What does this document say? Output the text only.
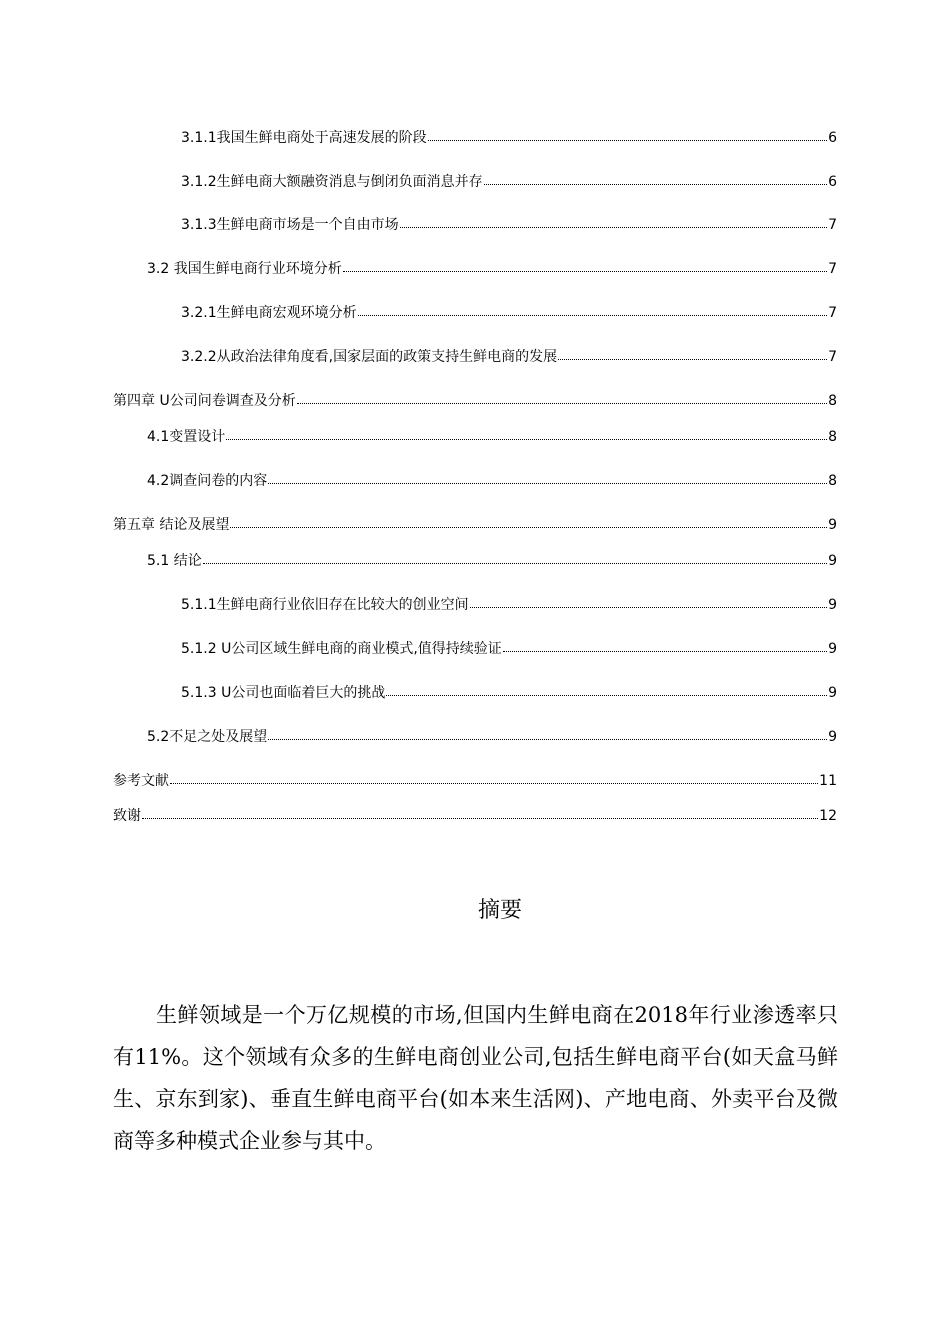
3.1.1我国生鲜电商处于高速发展的阶段	6
3.1.2生鲜电商大额融资消息与倒闭负面消息并存	6
3.1.3生鲜电商市场是一个自由市场	7
3.2 我国生鲜电商行业环境分析	7
3.2.1生鲜电商宏观环境分析	7
3.2.2从政治法律角度看,国家层面的政策支持生鲜电商的发展	7
第四章 U公司问卷调查及分析	8
4.1变置设计	8
4.2调查问卷的内容	8
第五章 结论及展望	9
5.1 结论	9
5.1.1生鲜电商行业依旧存在比较大的创业空间	9
5.1.2 U公司区域生鲜电商的商业模式,值得持续验证	9
5.1.3 U公司也面临着巨大的挑战	9
5.2不足之处及展望	9
参考文献	11
致谢	12
摘要

生鲜领域是一个万亿规模的市场,但国内生鲜电商在2018年行业渗透率只有11%。这个领域有众多的生鲜电商创业公司,包括生鲜电商平台(如天盒马鲜生、京东到家)、垂直生鲜电商平台(如本来生活网)、产地电商、外卖平台及微商等多种模式企业参与其中。
